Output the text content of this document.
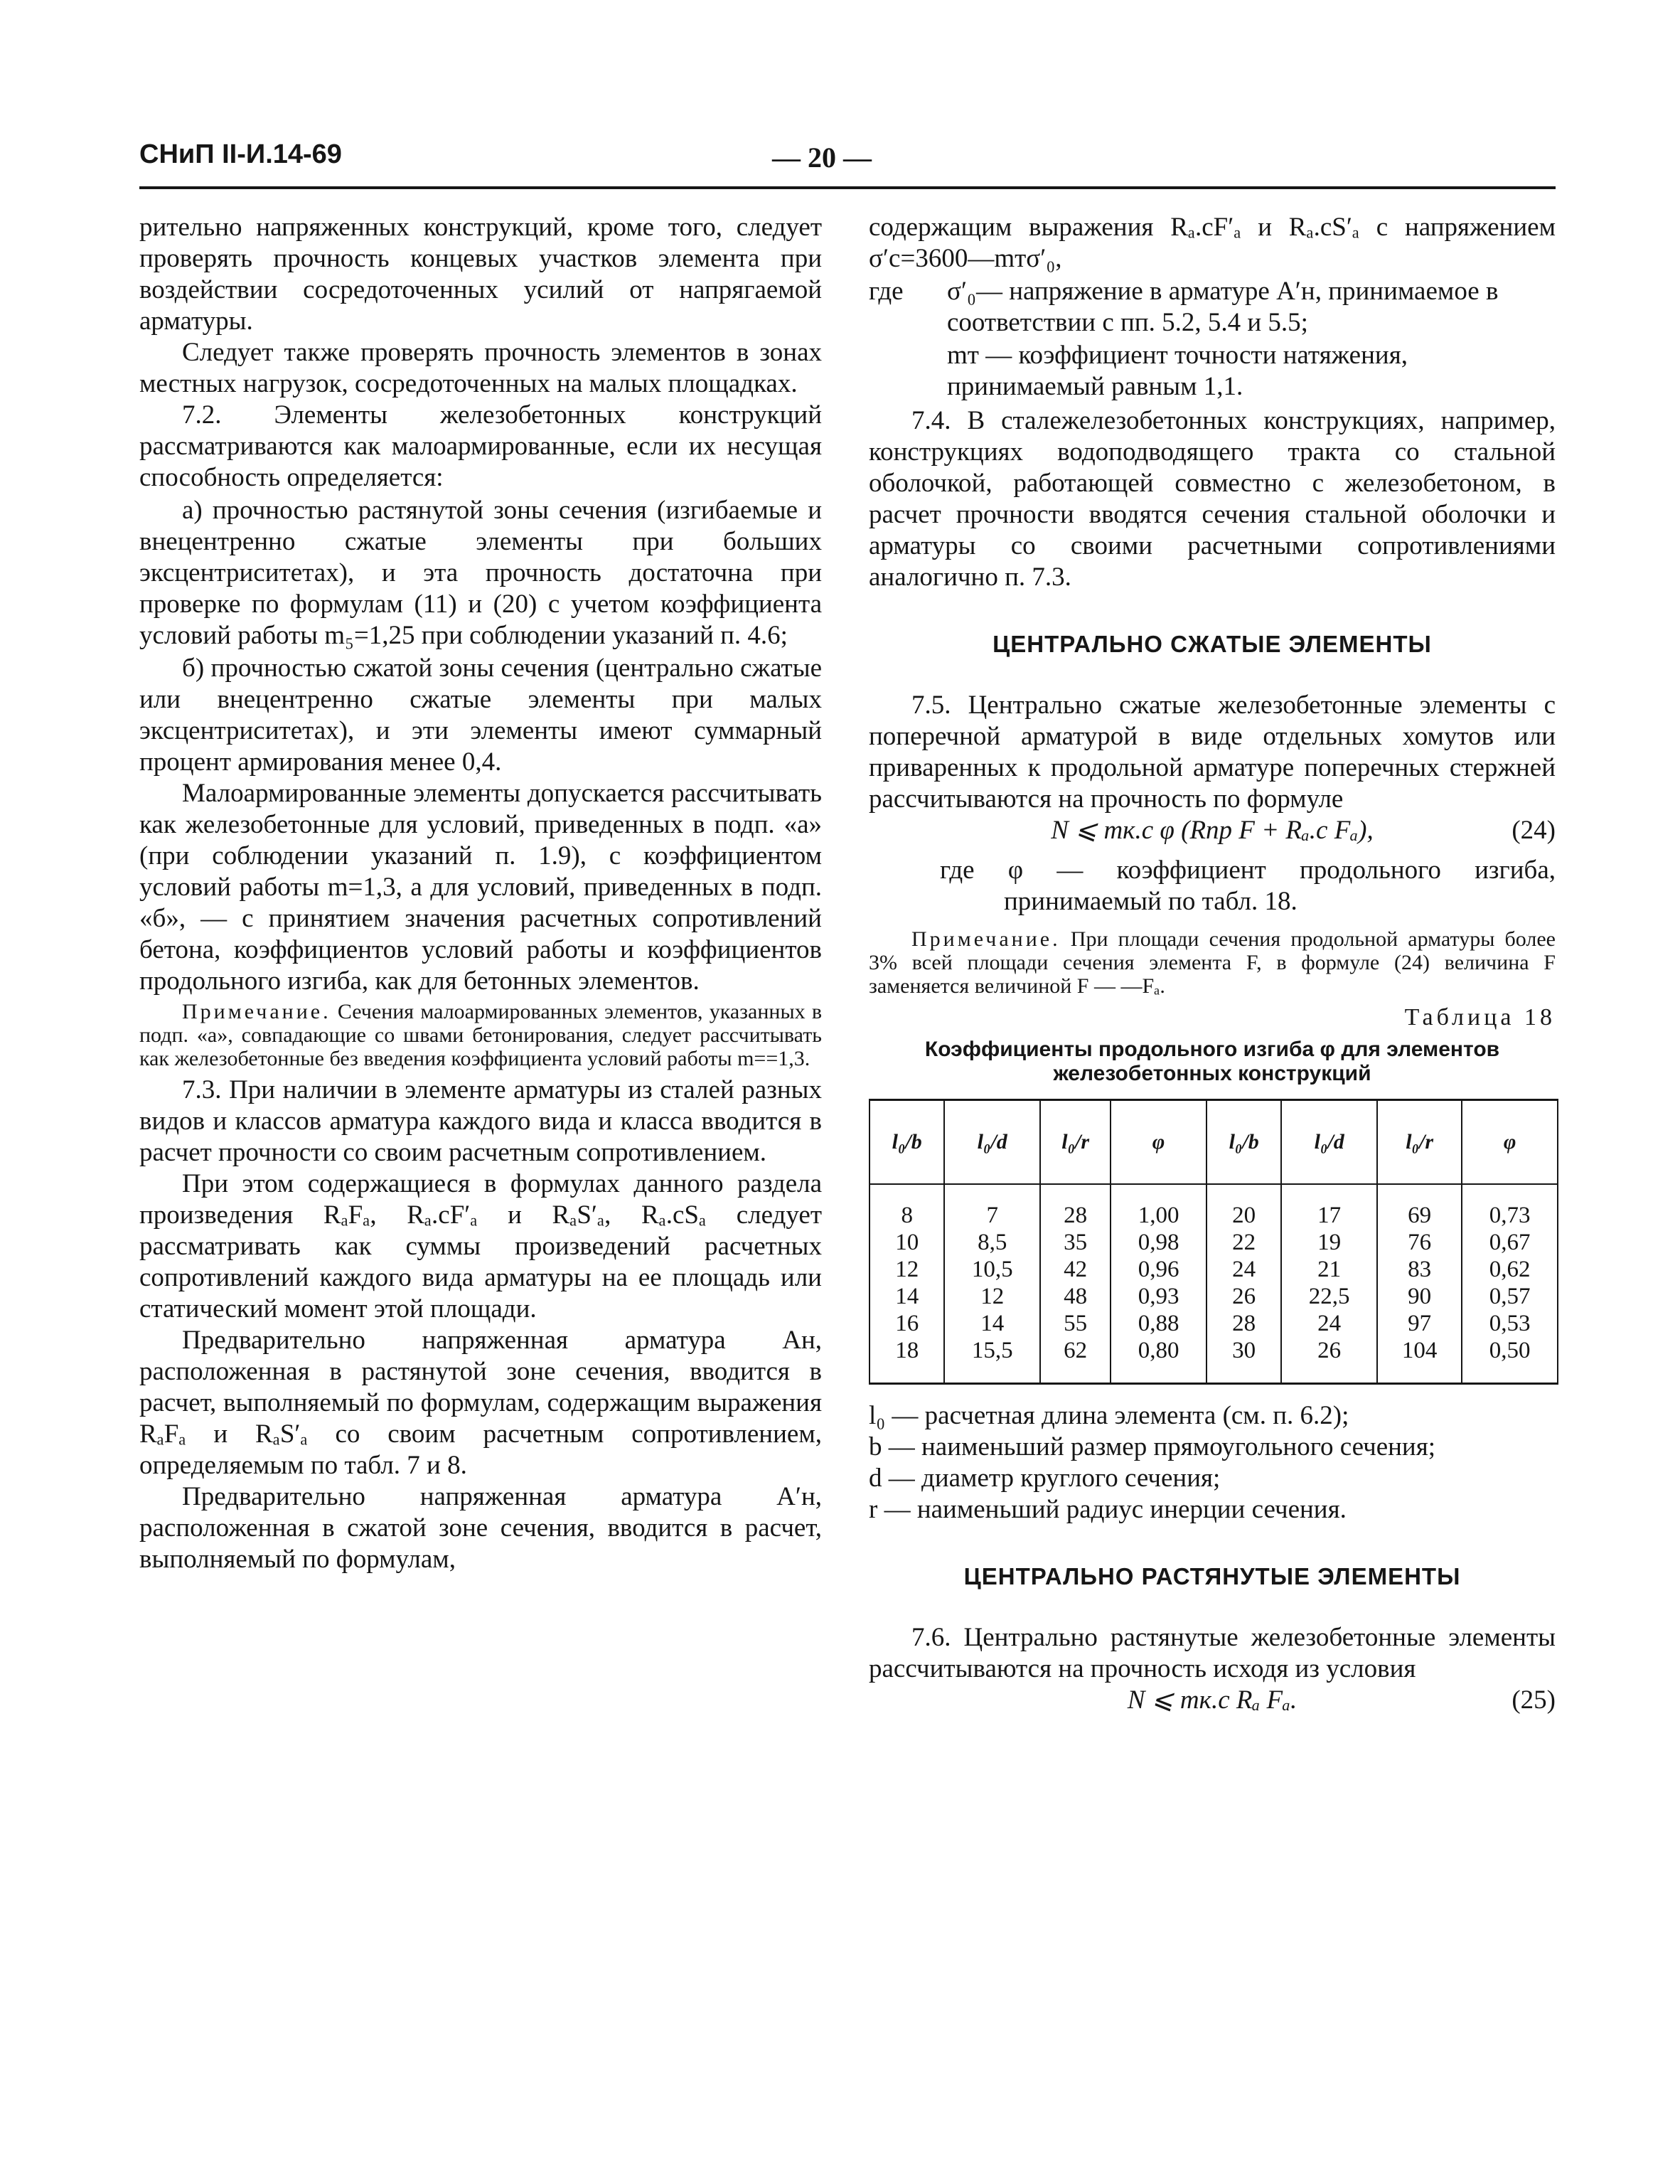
СНиП II-И.14-69	— 20 —

рительно напряженных конструкций, кроме того, следует проверять прочность концевых участков элемента при воздействии сосредоточенных усилий от напрягаемой арматуры.

Следует также проверять прочность элементов в зонах местных нагрузок, сосредоточенных на малых площадках.

7.2. Элементы железобетонных конструкций рассматриваются как малоармированные, если их несущая способность определяется:

а) прочностью растянутой зоны сечения (изгибаемые и внецентренно сжатые элементы при больших эксцентриситетах), и эта прочность достаточна при проверке по формулам (11) и (20) с учетом коэффициента условий работы m₅=1,25 при соблюдении указаний п. 4.6;

б) прочностью сжатой зоны сечения (центрально сжатые или внецентренно сжатые элементы при малых эксцентриситетах), и эти элементы имеют суммарный процент армирования менее 0,4.

Малоармированные элементы допускается рассчитывать как железобетонные для условий, приведенных в подп. «а» (при соблюдении указаний п. 1.9), с коэффициентом условий работы m=1,3, а для условий, приведенных в подп. «б», — с принятием значения расчетных сопротивлений бетона, коэффициентов условий работы и коэффициентов продольного изгиба, как для бетонных элементов.

Примечание. Сечения малоармированных элементов, указанных в подп. «а», совпадающие со швами бетонирования, следует рассчитывать как железобетонные без введения коэффициента условий работы m==1,3.

7.3. При наличии в элементе арматуры из сталей разных видов и классов арматура каждого вида и класса вводится в расчет прочности со своим расчетным сопротивлением.

При этом содержащиеся в формулах данного раздела произведения RₐFₐ, Rₐ.cF′ₐ и RₐS′ₐ, Rₐ.cSₐ следует рассматривать как суммы произведений расчетных сопротивлений каждого вида арматуры на ее площадь или статический момент этой площади.

Предварительно напряженная арматура Aн, расположенная в растянутой зоне сечения, вводится в расчет, выполняемый по формулам, содержащим выражения RₐFₐ и RₐS′ₐ со своим расчетным сопротивлением, определяемым по табл. 7 и 8.

Предварительно напряженная арматура A′н, расположенная в сжатой зоне сечения, вводится в расчет, выполняемый по формулам,

содержащим выражения Rₐ.cF′ₐ и Rₐ.cS′ₐ с напряжением σ′c=3600—mтσ′₀,

где	σ′₀— напряжение в арматуре A′н, принимаемое в соответствии с пп. 5.2, 5.4 и 5.5;
mт — коэффициент точности натяжения, принимаемый равным 1,1.

7.4. В сталежелезобетонных конструкциях, например, конструкциях водоподводящего тракта со стальной оболочкой, работающей совместно с железобетоном, в расчет прочности вводятся сечения стальной оболочки и арматуры со своими расчетными сопротивлениями аналогично п. 7.3.

ЦЕНТРАЛЬНО СЖАТЫЕ ЭЛЕМЕНТЫ

7.5. Центрально сжатые железобетонные элементы с поперечной арматурой в виде отдельных хомутов или приваренных к продольной арматуре поперечных стержней рассчитываются на прочность по формуле

N ⩽ mк.c φ (Rпр F + Rₐ.c Fₐ),	(24)

где φ — коэффициент продольного изгиба, принимаемый по табл. 18.

Примечание. При площади сечения продольной арматуры более 3% всей площади сечения элемента F, в формуле (24) величина F заменяется величиной F — —Fₐ.

Таблица 18
Коэффициенты продольного изгиба φ для элементов железобетонных конструкций
l₀/b	l₀/d	l₀/r	φ	l₀/b	l₀/d	l₀/r	φ
8	7	28	1,00	20	17	69	0,73
10	8,5	35	0,98	22	19	76	0,67
12	10,5	42	0,96	24	21	83	0,62
14	12	48	0,93	26	22,5	90	0,57
16	14	55	0,88	28	24	97	0,53
18	15,5	62	0,80	30	26	104	0,50

l₀ — расчетная длина элемента (см. п. 6.2);

b — наименьший размер прямоугольного сечения;

d — диаметр круглого сечения;

r — наименьший радиус инерции сечения.

ЦЕНТРАЛЬНО РАСТЯНУТЫЕ ЭЛЕМЕНТЫ

7.6. Центрально растянутые железобетонные элементы рассчитываются на прочность исходя из условия

N ⩽ mк.c Rₐ Fₐ.	(25)
